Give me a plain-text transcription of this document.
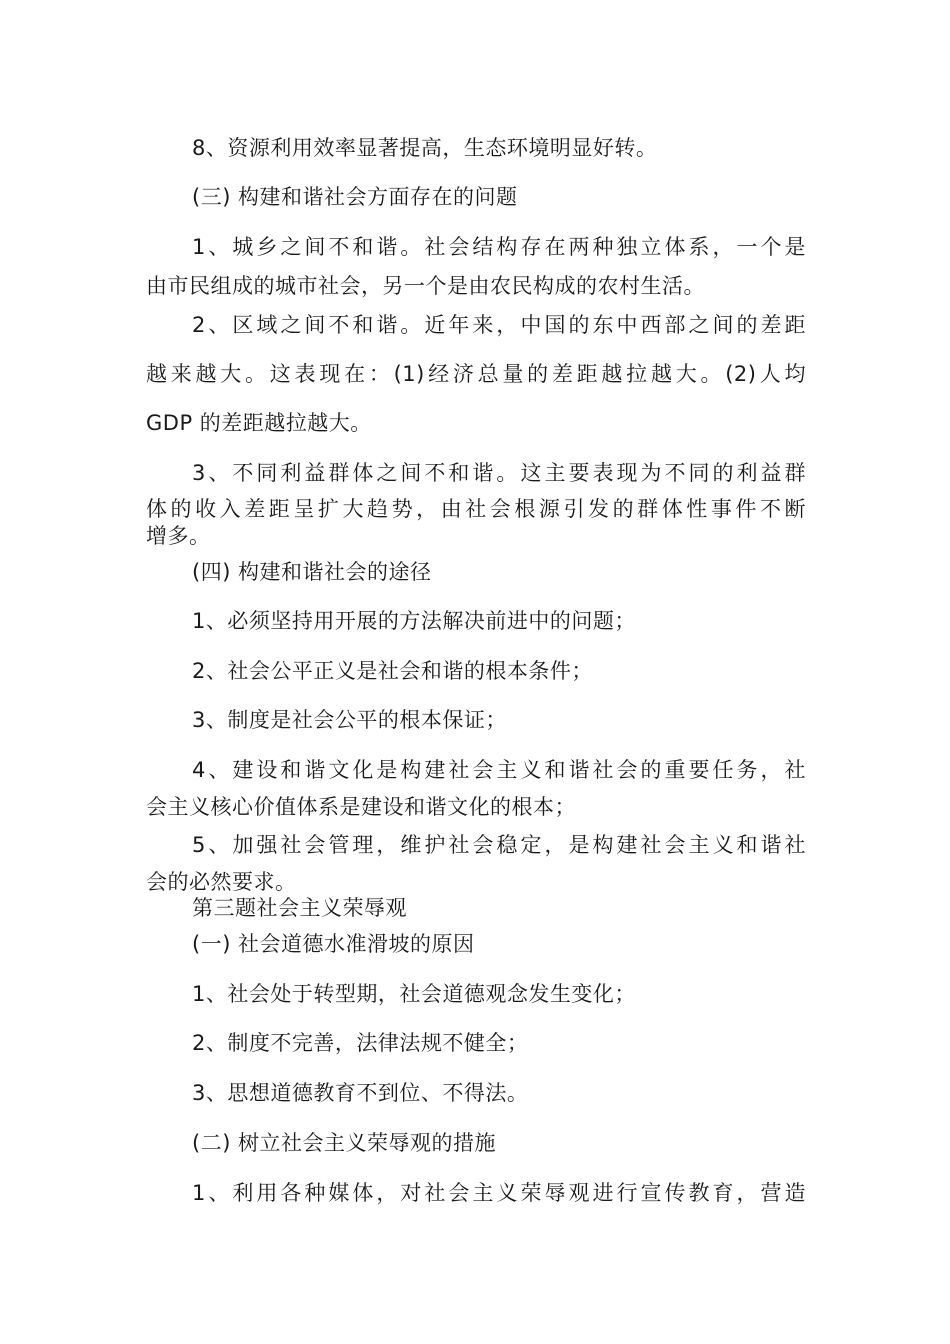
8、资源利用效率显著提高，生态环境明显好转。

(三) 构建和谐社会方面存在的问题

1、城乡之间不和谐。社会结构存在两种独立体系，一个是

由市民组成的城市社会，另一个是由农民构成的农村生活。

2、区域之间不和谐。近年来，中国的东中西部之间的差距

越来越大。这表现在：(1)经济总量的差距越拉越大。(2)人均

GDP 的差距越拉越大。

3、不同利益群体之间不和谐。这主要表现为不同的利益群

体的收入差距呈扩大趋势，由社会根源引发的群体性事件不断

增多。

(四) 构建和谐社会的途径

1、必须坚持用开展的方法解决前进中的问题；

2、社会公平正义是社会和谐的根本条件；

3、制度是社会公平的根本保证；

4、建设和谐文化是构建社会主义和谐社会的重要任务，社

会主义核心价值体系是建设和谐文化的根本；

5、加强社会管理，维护社会稳定，是构建社会主义和谐社

会的必然要求。

第三题社会主义荣辱观

(一) 社会道德水准滑坡的原因

1、社会处于转型期，社会道德观念发生变化；

2、制度不完善，法律法规不健全；

3、思想道德教育不到位、不得法。

(二) 树立社会主义荣辱观的措施

1、利用各种媒体，对社会主义荣辱观进行宣传教育，营造
